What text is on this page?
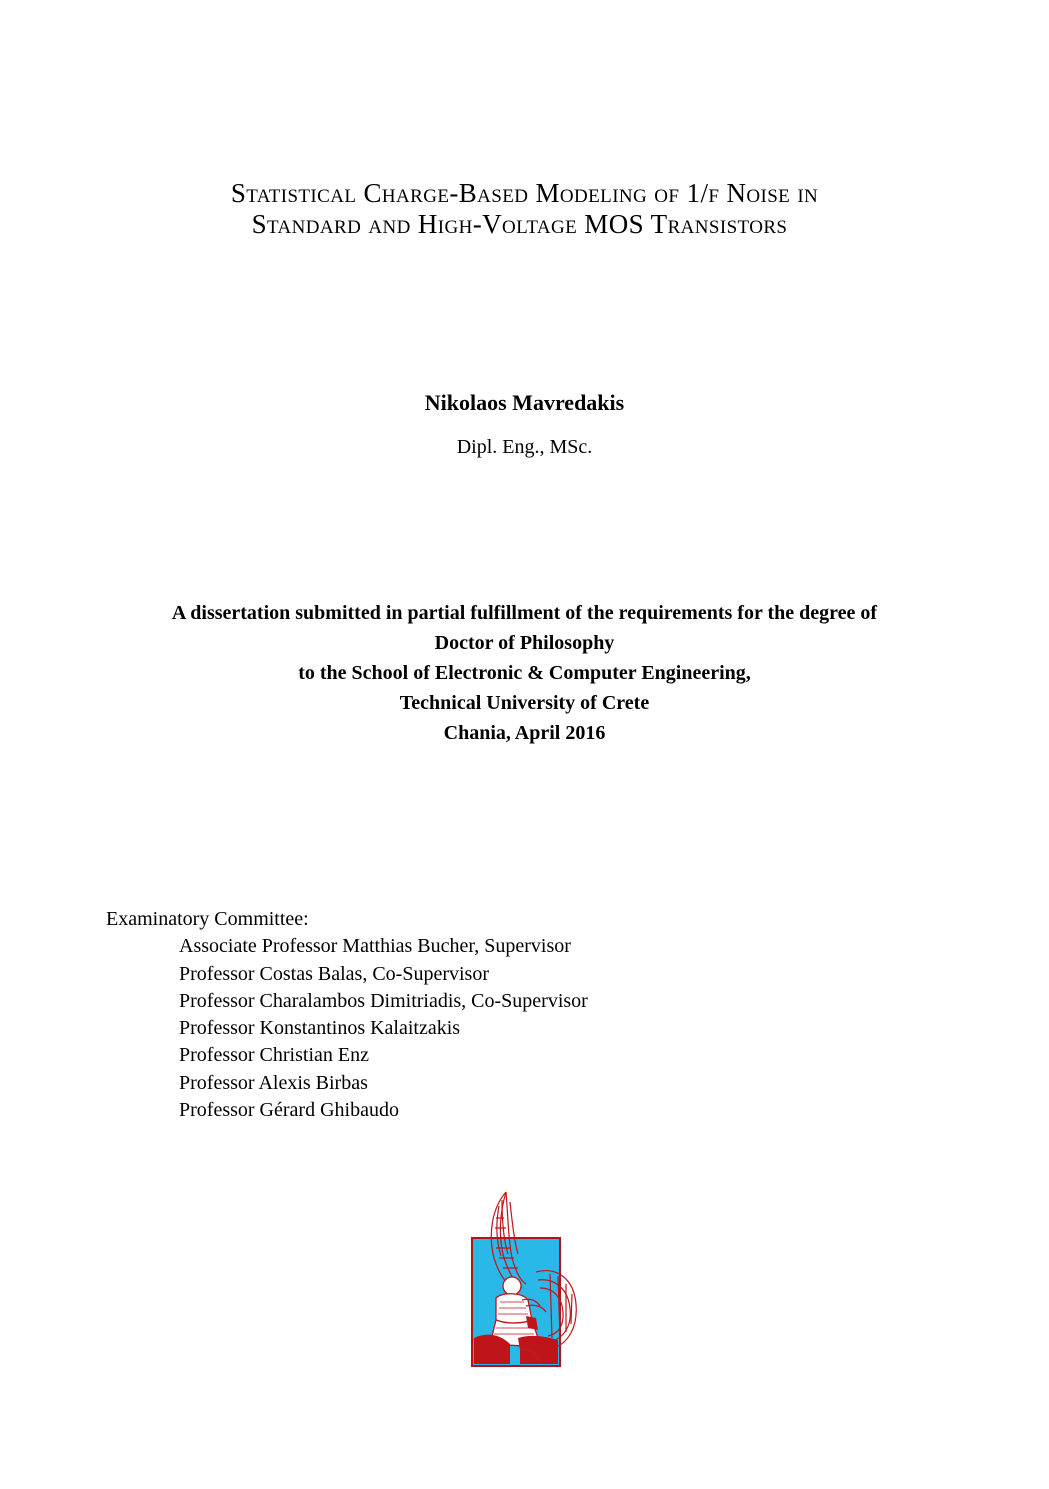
Statistical Charge-Based Modeling of 1/f Noise in
Standard and High-Voltage MOS Transistors
Nikolaos Mavredakis
Dipl. Eng., MSc.
A dissertation submitted in partial fulfillment of the requirements for the degree of
Doctor of Philosophy
to the School of Electronic & Computer Engineering,
Technical University of Crete
Chania, April 2016
Examinatory Committee:
Associate Professor Matthias Bucher, Supervisor
Professor Costas Balas, Co-Supervisor
Professor Charalambos Dimitriadis, Co-Supervisor
Professor Konstantinos Kalaitzakis
Professor Christian Enz
Professor Alexis Birbas
Professor Gérard Ghibaudo
